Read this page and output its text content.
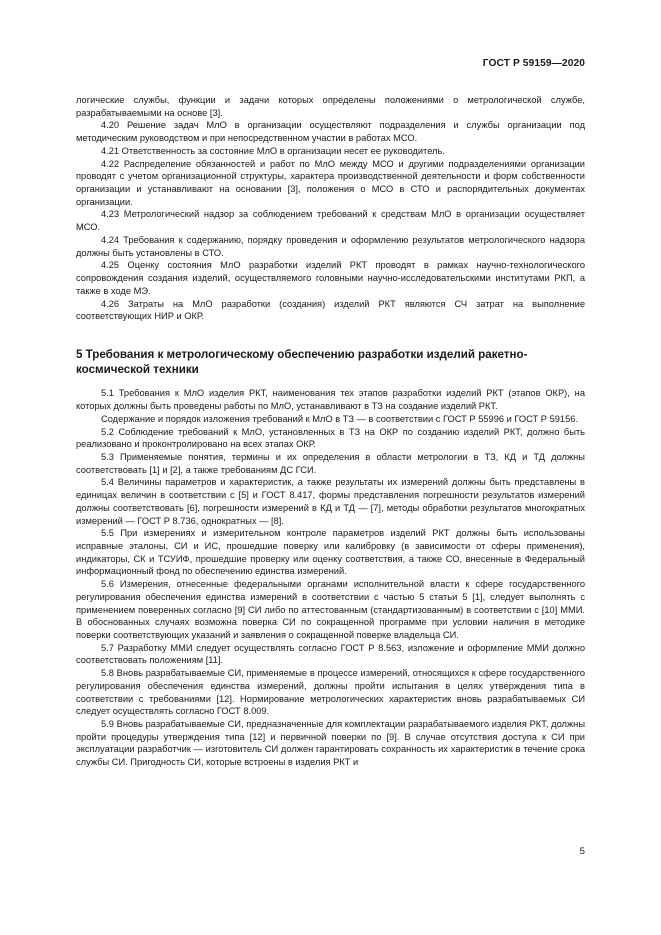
ГОСТ Р 59159—2020

логические службы, функции и задачи которых определены положениями о метрологической службе, разрабатываемыми на основе [3].

4.20 Решение задач МлО в организации осуществляют подразделения и службы организации под методическим руководством и при непосредственном участии в работах МСО.

4.21 Ответственность за состояние МлО в организации несет ее руководитель.

4.22 Распределение обязанностей и работ по МлО между МСО и другими подразделениями организации проводят с учетом организационной структуры, характера производственной деятельности и форм собственности организации и устанавливают на основании [3], положения о МСО в СТО и распорядительных документах организации.

4.23 Метрологический надзор за соблюдением требований к средствам МлО в организации осуществляет МСО.

4.24 Требования к содержанию, порядку проведения и оформлению результатов метрологического надзора должны быть установлены в СТО.

4.25 Оценку состояния МлО разработки изделий РКТ проводят в рамках научно-технологического сопровождения создания изделий, осуществляемого головными научно-исследовательскими институтами РКП, а также в ходе МЭ.

4.26 Затраты на МлО разработки (создания) изделий РКТ являются СЧ затрат на выполнение соответствующих НИР и ОКР.

5 Требования к метрологическому обеспечению разработки изделий ракетно-космической техники

5.1 Требования к МлО изделия РКТ, наименования тех этапов разработки изделий РКТ (этапов ОКР), на которых должны быть проведены работы по МлО, устанавливают в ТЗ на создание изделий РКТ.

Содержание и порядок изложения требований к МлО в ТЗ — в соответствии с ГОСТ Р 55996 и ГОСТ Р 59156.

5.2 Соблюдение требований к МлО, установленных в ТЗ на ОКР по созданию изделий РКТ, должно быть реализовано и проконтролировано на всех этапах ОКР.

5.3 Применяемые понятия, термины и их определения в области метрологии в ТЗ, КД и ТД должны соответствовать [1] и [2], а также требованиям ДС ГСИ.

5.4 Величины параметров и характеристик, а также результаты их измерений должны быть представлены в единицах величин в соответствии с [5] и ГОСТ 8.417, формы представления погрешности результатов измерений должны соответствовать [6], погрешности измерений в КД и ТД — [7], методы обработки результатов многократных измерений — ГОСТ Р 8.736, однократных — [8].

5.5 При измерениях и измерительном контроле параметров изделий РКТ должны быть использованы исправные эталоны, СИ и ИС, прошедшие поверку или калибровку (в зависимости от сферы применения), индикаторы, СК и ТСУИФ, прошедшие проверку или оценку соответствия, а также СО, внесенные в Федеральный информационный фонд по обеспечению единства измерений.

5.6 Измерения, отнесенные федеральными органами исполнительной власти к сфере государственного регулирования обеспечения единства измерений в соответствии с частью 5 статьи 5 [1], следует выполнять с применением поверенных согласно [9] СИ либо по аттестованным (стандартизованным) в соответствии с [10] ММИ. В обоснованных случаях возможна поверка СИ по сокращенной программе при условии наличия в методике поверки соответствующих указаний и заявления о сокращенной поверке владельца СИ.

5.7 Разработку ММИ следует осуществлять согласно ГОСТ Р 8.563, изложение и оформление ММИ должно соответствовать положениям [11].

5.8 Вновь разрабатываемые СИ, применяемые в процессе измерений, относящихся к сфере государственного регулирования обеспечения единства измерений, должны пройти испытания в целях утверждения типа в соответствии с требованиями [12]. Нормирование метрологических характеристик вновь разрабатываемых СИ следует осуществлять согласно ГОСТ 8.009.

5.9 Вновь разрабатываемые СИ, предназначенные для комплектации разрабатываемого изделия РКТ, должны пройти процедуры утверждения типа [12] и первичной поверки по [9]. В случае отсутствия доступа к СИ при эксплуатации разработчик — изготовитель СИ должен гарантировать сохранность их характеристик в течение срока службы СИ. Пригодность СИ, которые встроены в изделия РКТ и

5
